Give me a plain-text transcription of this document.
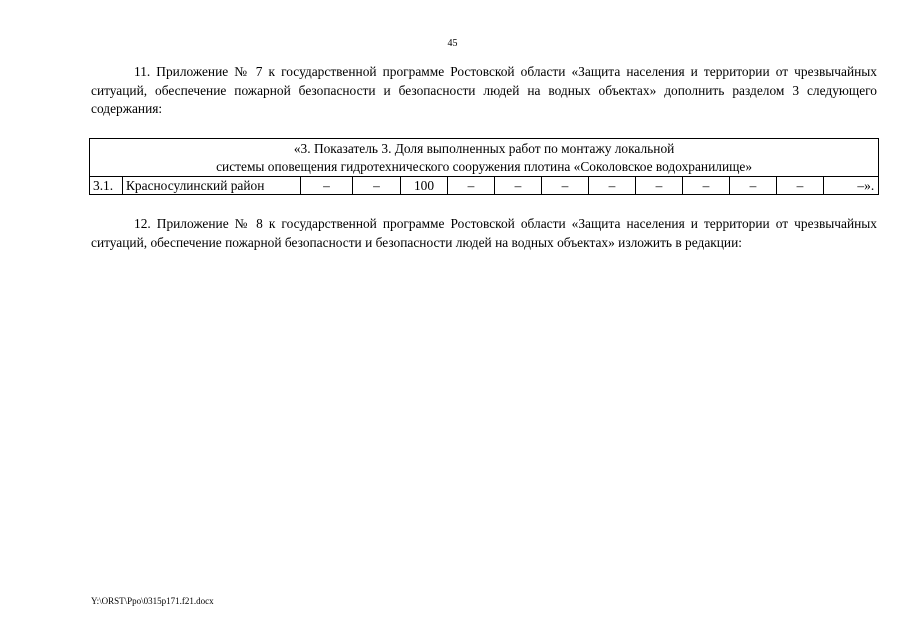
45

11. Приложение № 7 к государственной программе Ростовской области «Защита населения и территории от чрезвычайных ситуаций, обеспечение пожарной безопасности и безопасности людей на водных объектах» дополнить разделом 3 следующего содержания:

«3. Показатель 3. Доля выполненных работ по монтажу локальной
системы оповещения гидротехнического сооружения плотина «Соколовское водохранилище»

3.1.	Красносулинский район	–	–	100	–	–	–	–	–	–	–	–	–».

12. Приложение № 8 к государственной программе Ростовской области «Защита населения и территории от чрезвычайных ситуаций, обеспечение пожарной безопасности и безопасности людей на водных объектах» изложить в редакции:

Y:\ORST\Ppo\0315p171.f21.docx
